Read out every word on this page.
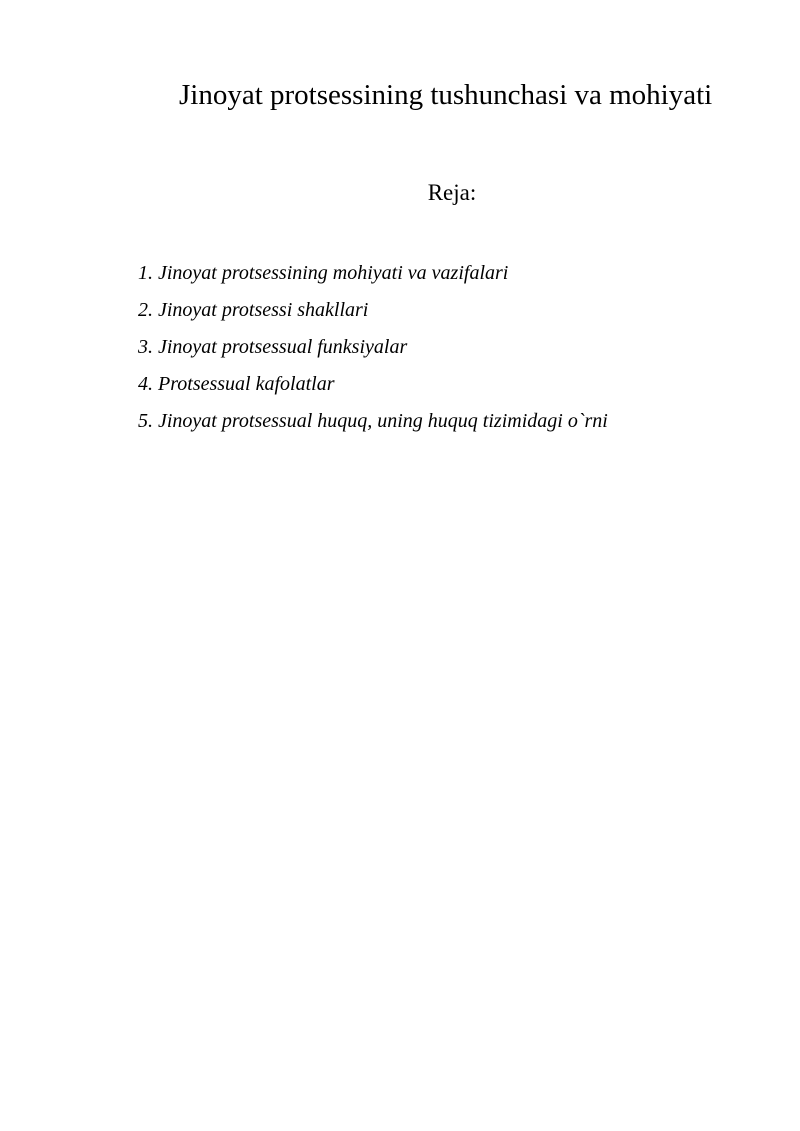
Jinoyat protsessining tushunchasi va mohiyati
Reja:
1. Jinoyat protsessining mohiyati va vazifalari
2. Jinoyat protsessi shakllari
3. Jinoyat protsessual funksiyalar
4. Protsessual kafolatlar
5. Jinoyat protsessual huquq, uning huquq tizimidagi o`rni
